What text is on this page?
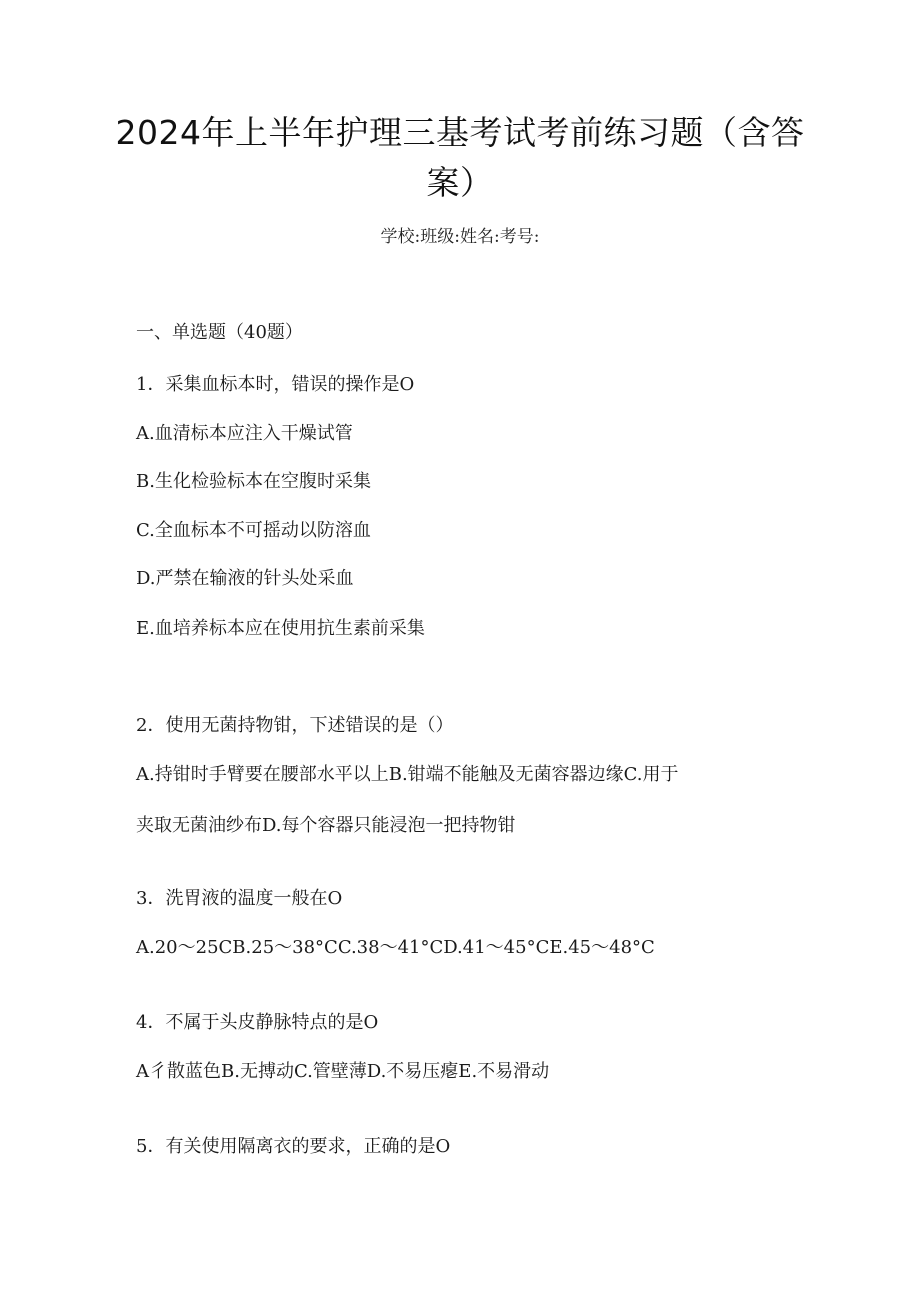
2024年上半年护理三基考试考前练习题（含答案）
学校:班级:姓名:考号:
一、单选题（40题）
1．采集血标本时，错误的操作是O
A.血清标本应注入干燥试管
B.生化检验标本在空腹时采集
C.全血标本不可摇动以防溶血
D.严禁在输液的针头处采血
E.血培养标本应在使用抗生素前采集
2．使用无菌持物钳，下述错误的是（）
A.持钳时手臂要在腰部水平以上B.钳端不能触及无菌容器边缘C.用于
夹取无菌油纱布D.每个容器只能浸泡一把持物钳
3．洗胃液的温度一般在O
A.20～25CB.25～38°CC.38～41°CD.41～45°CE.45～48°C
4．不属于头皮静脉特点的是O
A彳散蓝色B.无搏动C.管壁薄D.不易压瘪E.不易滑动
5．有关使用隔离衣的要求，正确的是O
